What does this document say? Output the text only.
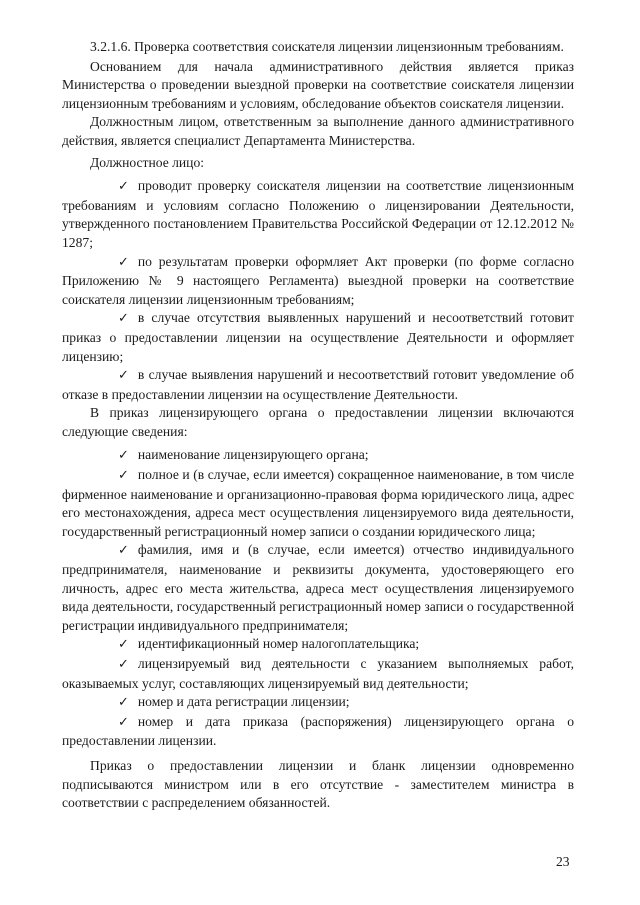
3.2.1.6. Проверка соответствия соискателя лицензии лицензионным требованиям.

Основанием для начала административного действия является приказ Министерства о проведении выездной проверки на соответствие соискателя лицензии лицензионным требованиям и условиям, обследование объектов соискателя лицензии.

Должностным лицом, ответственным за выполнение данного административного действия, является специалист Департамента Министерства.

Должностное лицо:

✓ проводит проверку соискателя лицензии на соответствие лицензионным требованиям и условиям согласно Положению о лицензировании Деятельности, утвержденного постановлением Правительства Российской Федерации от 12.12.2012 № 1287;

✓ по результатам проверки оформляет Акт проверки (по форме согласно Приложению № 9 настоящего Регламента) выездной проверки на соответствие соискателя лицензии лицензионным требованиям;

✓ в случае отсутствия выявленных нарушений и несоответствий готовит приказ о предоставлении лицензии на осуществление Деятельности и оформляет лицензию;

✓ в случае выявления нарушений и несоответствий готовит уведомление об отказе в предоставлении лицензии на осуществление Деятельности.

В приказ лицензирующего органа о предоставлении лицензии включаются следующие сведения:

✓ наименование лицензирующего органа;

✓ полное и (в случае, если имеется) сокращенное наименование, в том числе фирменное наименование и организационно-правовая форма юридического лица, адрес его местонахождения, адреса мест осуществления лицензируемого вида деятельности, государственный регистрационный номер записи о создании юридического лица;

✓ фамилия, имя и (в случае, если имеется) отчество индивидуального предпринимателя, наименование и реквизиты документа, удостоверяющего его личность, адрес его места жительства, адреса мест осуществления лицензируемого вида деятельности, государственный регистрационный номер записи о государственной регистрации индивидуального предпринимателя;

✓ идентификационный номер налогоплательщика;

✓ лицензируемый вид деятельности с указанием выполняемых работ, оказываемых услуг, составляющих лицензируемый вид деятельности;

✓ номер и дата регистрации лицензии;

✓ номер и дата приказа (распоряжения) лицензирующего органа о предоставлении лицензии.

Приказ о предоставлении лицензии и бланк лицензии одновременно подписываются министром или в его отсутствие - заместителем министра в соответствии с распределением обязанностей.

23
